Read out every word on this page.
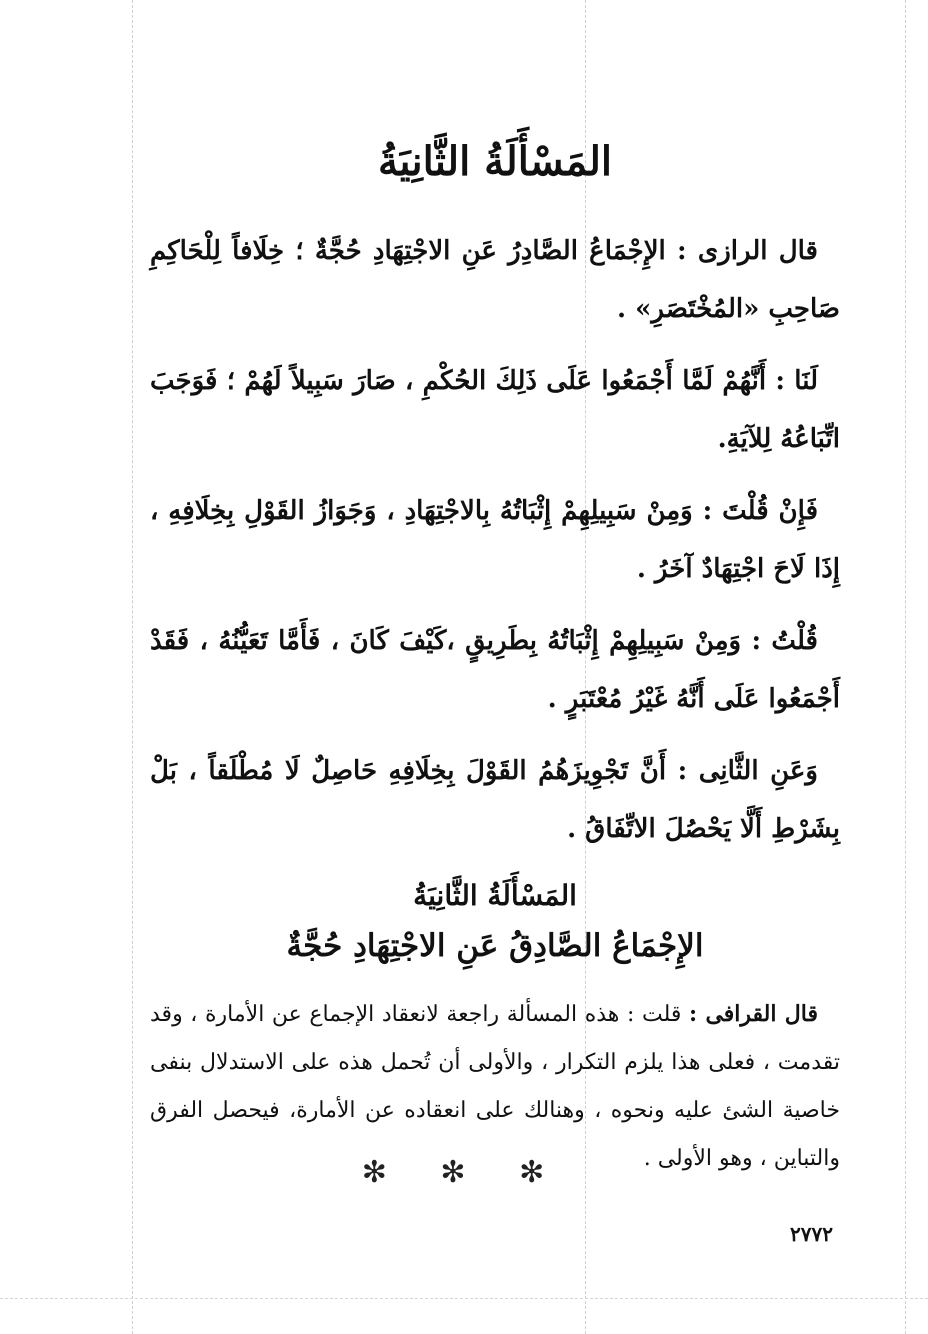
المَسْأَلَةُ الثَّانِيَةُ

قال الرازى : الإِجْمَاعُ الصَّادِرُ عَنِ الاجْتِهَادِ حُجَّةٌ ؛ خِلَافاً لِلْحَاكِمِ صَاحِبِ «المُخْتَصَرِ» .

لَنَا : أَنَّهُمْ لَمَّا أَجْمَعُوا عَلَى ذَلِكَ الحُكْمِ ، صَارَ سَبِيلاً لَهُمْ ؛ فَوَجَبَ اتِّبَاعُهُ لِلآيَةِ.

فَإِنْ قُلْتَ : وَمِنْ سَبِيلِهِمْ إِثْبَاتُهُ بِالاجْتِهَادِ ، وَجَوَازُ القَوْلِ بِخِلَافِهِ ، إِذَا لَاحَ اجْتِهَادٌ آخَرُ .

قُلْتُ : وَمِنْ سَبِيلِهِمْ إِثْبَاتُهُ بِطَرِيقٍ ،كَيْفَ كَانَ ، فَأَمَّا تَعَيُّنُهُ ، فَقَدْ أَجْمَعُوا عَلَى أَنَّهُ غَيْرُ مُعْتَبَرٍ .

وَعَنِ الثَّانِى : أَنَّ تَجْوِيزَهُمُ القَوْلَ بِخِلَافِهِ حَاصِلٌ لَا مُطْلَقاً ، بَلْ بِشَرْطِ أَلَّا يَحْصُلَ الاتِّفَاقُ .

المَسْأَلَةُ الثَّانِيَةُ
الإِجْمَاعُ الصَّادِقُ عَنِ الاجْتِهَادِ حُجَّةٌ

قال القرافى : قلت : هذه المسألة راجعة لانعقاد الإجماع عن الأمارة ، وقد تقدمت ، فعلى هذا يلزم التكرار ، والأولى أن تُحمل هذه على الاستدلال بنفى خاصية الشئ عليه ونحوه ، وهنالك على انعقاده عن الأمارة، فيحصل الفرق والتباين ، وهو الأولى .

✻ ✻ ✻
٢٧٧٢
